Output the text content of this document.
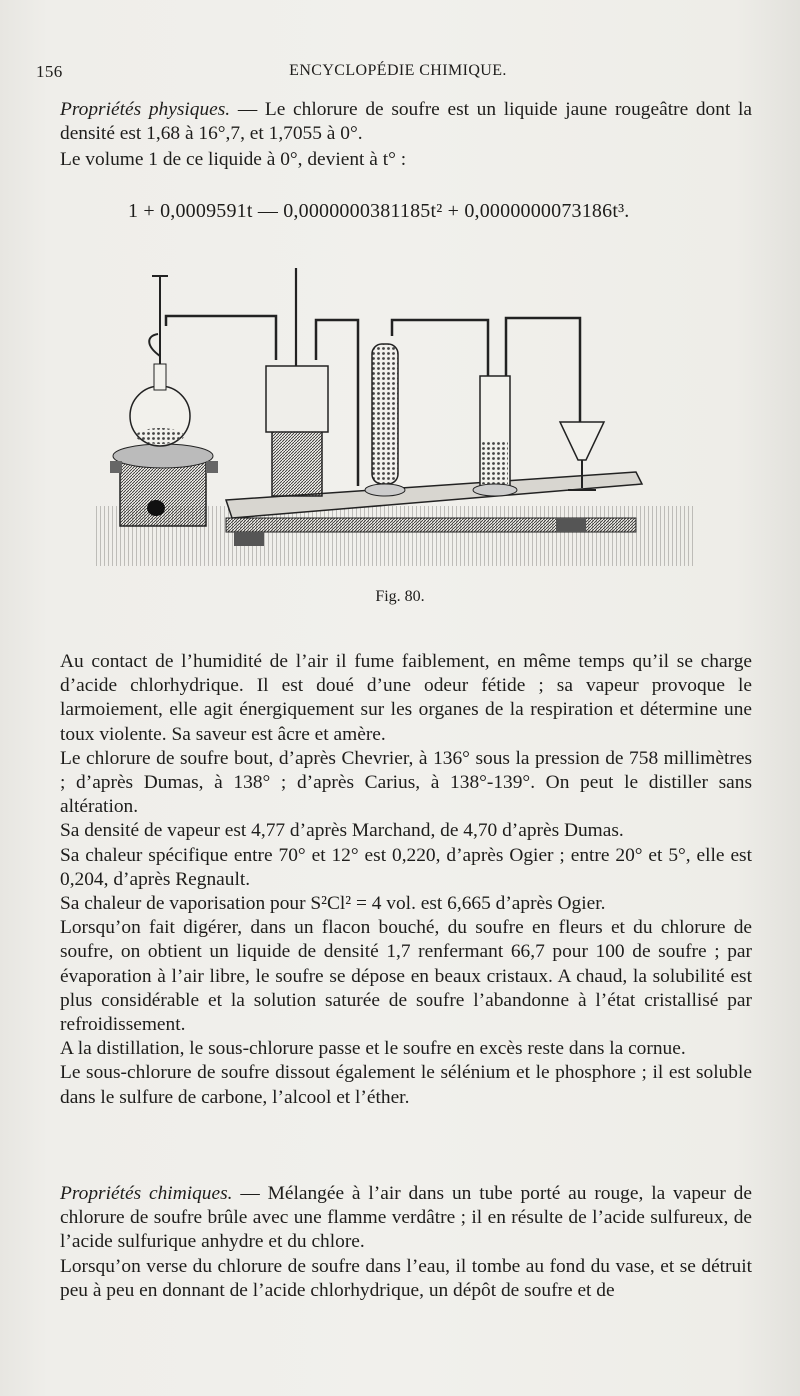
156	ENCYCLOPÉDIE CHIMIQUE.

Propriétés physiques. — Le chlorure de soufre est un liquide jaune rougeâtre dont la densité est 1,68 à 16°,7, et 1,7055 à 0°.

Le volume 1 de ce liquide à 0°, devient à t° :

1 + 0,0009591t — 0,0000000381185t² + 0,0000000073186t³.
Fig. 80.

Au contact de l’humidité de l’air il fume faiblement, en même temps qu’il se charge d’acide chlorhydrique. Il est doué d’une odeur fétide ; sa vapeur provoque le larmoiement, elle agit énergiquement sur les organes de la respiration et détermine une toux violente. Sa saveur est âcre et amère.

Le chlorure de soufre bout, d’après Chevrier, à 136° sous la pression de 758 millimètres ; d’après Dumas, à 138° ; d’après Carius, à 138°-139°. On peut le distiller sans altération.

Sa densité de vapeur est 4,77 d’après Marchand, de 4,70 d’après Dumas.

Sa chaleur spécifique entre 70° et 12° est 0,220, d’après Ogier ; entre 20° et 5°, elle est 0,204, d’après Regnault.

Sa chaleur de vaporisation pour S²Cl² = 4 vol. est 6,665 d’après Ogier.

Lorsqu’on fait digérer, dans un flacon bouché, du soufre en fleurs et du chlorure de soufre, on obtient un liquide de densité 1,7 renfermant 66,7 pour 100 de soufre ; par évaporation à l’air libre, le soufre se dépose en beaux cristaux. A chaud, la solubilité est plus considérable et la solution saturée de soufre l’abandonne à l’état cristallisé par refroidissement.

A la distillation, le sous-chlorure passe et le soufre en excès reste dans la cornue.

Le sous-chlorure de soufre dissout également le sélénium et le phosphore ; il est soluble dans le sulfure de carbone, l’alcool et l’éther.

Propriétés chimiques. — Mélangée à l’air dans un tube porté au rouge, la vapeur de chlorure de soufre brûle avec une flamme verdâtre ; il en résulte de l’acide sulfureux, de l’acide sulfurique anhydre et du chlore.

Lorsqu’on verse du chlorure de soufre dans l’eau, il tombe au fond du vase, et se détruit peu à peu en donnant de l’acide chlorhydrique, un dépôt de soufre et de
